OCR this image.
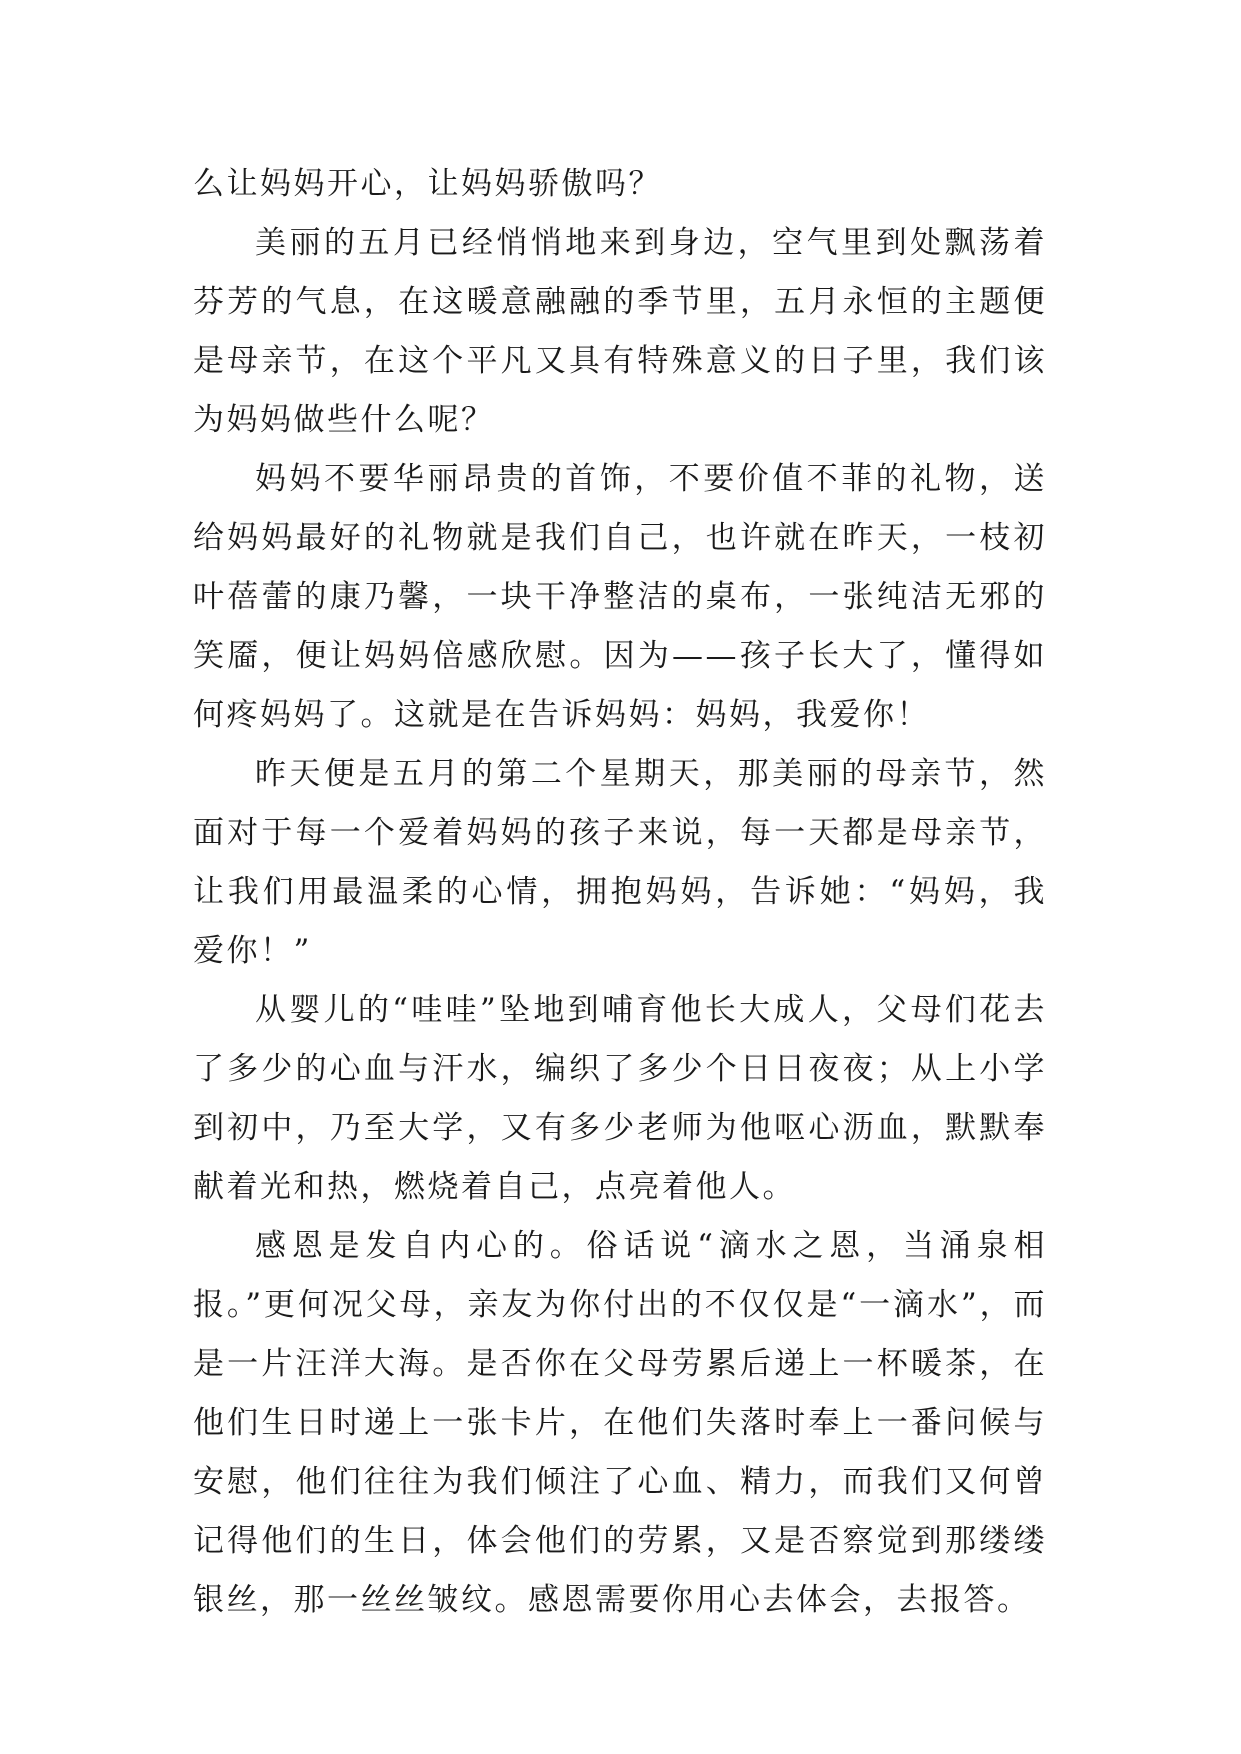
么让妈妈开心，让妈妈骄傲吗？

美丽的五月已经悄悄地来到身边，空气里到处飘荡着芬芳的气息，在这暖意融融的季节里，五月永恒的主题便是母亲节，在这个平凡又具有特殊意义的日子里，我们该为妈妈做些什么呢？

妈妈不要华丽昂贵的首饰，不要价值不菲的礼物，送给妈妈最好的礼物就是我们自己，也许就在昨天，一枝初叶蓓蕾的康乃馨，一块干净整洁的桌布，一张纯洁无邪的笑靥，便让妈妈倍感欣慰。因为——孩子长大了，懂得如何疼妈妈了。这就是在告诉妈妈：妈妈，我爱你！

昨天便是五月的第二个星期天，那美丽的母亲节，然面对于每一个爱着妈妈的孩子来说，每一天都是母亲节，让我们用最温柔的心情，拥抱妈妈，告诉她：“妈妈，我爱你！”

从婴儿的“哇哇”坠地到哺育他长大成人，父母们花去了多少的心血与汗水，编织了多少个日日夜夜；从上小学到初中，乃至大学，又有多少老师为他呕心沥血，默默奉献着光和热，燃烧着自己，点亮着他人。

感恩是发自内心的。俗话说“滴水之恩，当涌泉相报。”更何况父母，亲友为你付出的不仅仅是“一滴水”，而是一片汪洋大海。是否你在父母劳累后递上一杯暖茶，在他们生日时递上一张卡片，在他们失落时奉上一番问候与安慰，他们往往为我们倾注了心血、精力，而我们又何曾记得他们的生日，体会他们的劳累，又是否察觉到那缕缕银丝，那一丝丝皱纹。感恩需要你用心去体会，去报答。
